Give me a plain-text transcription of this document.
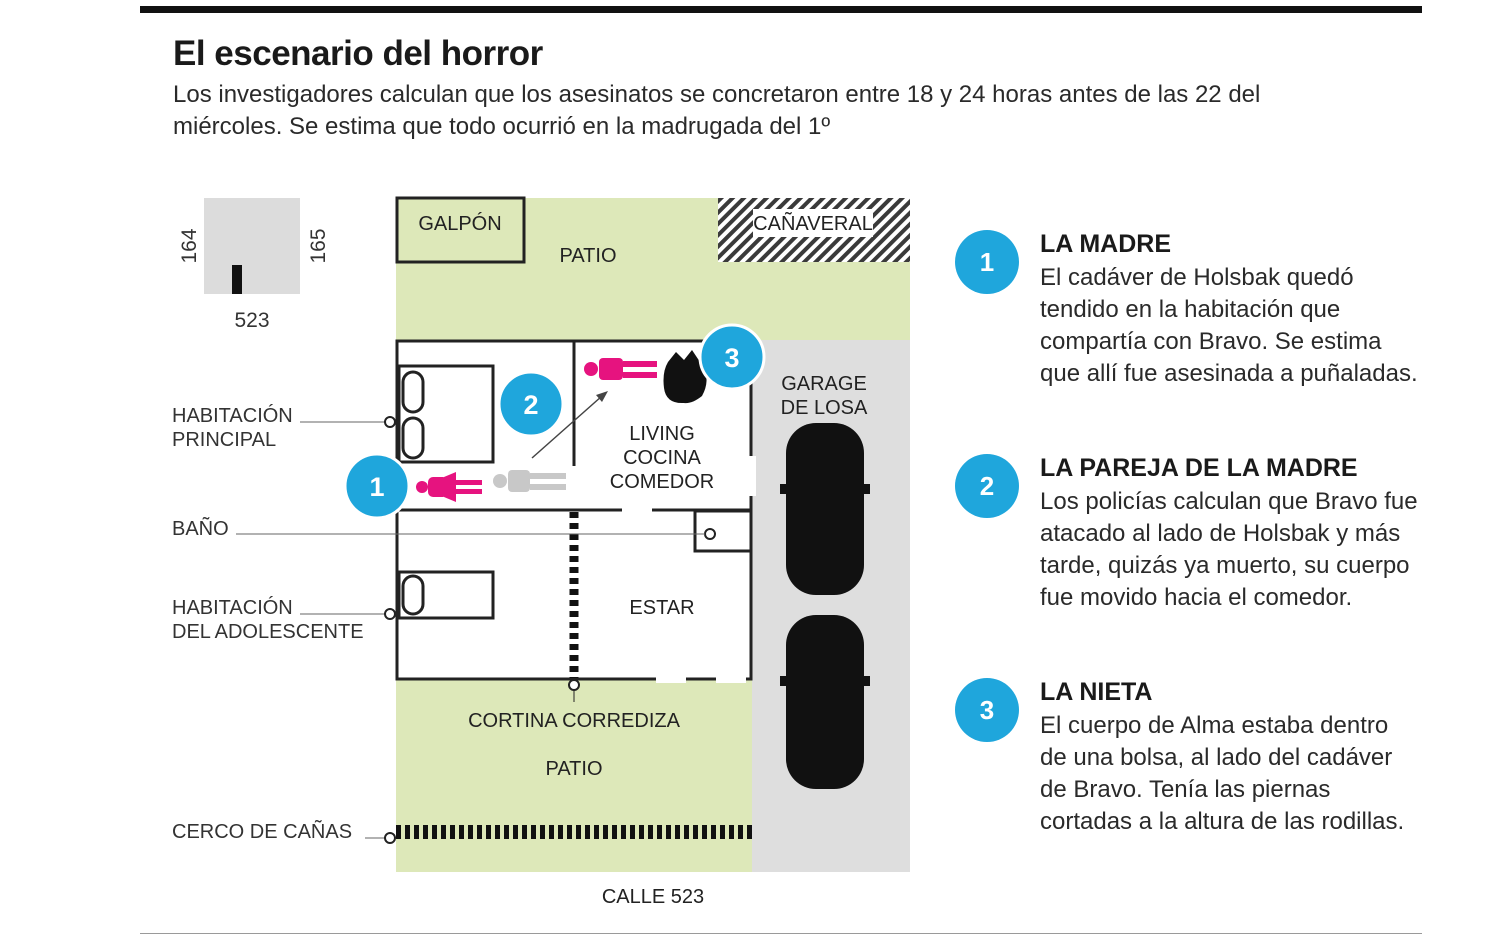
El escenario del horror

Los investigadores calculan que los asesinatos se concretaron entre 18 y 24 horas antes de las 22 del miércoles. Se estima que todo ocurrió en la madrugada del 1º

164	165
523
CAÑAVERAL
GALPÓN
PATIO
LIVING
COCINA
COMEDOR
ESTAR
GARAGE
DE LOSA
CORTINA CORREDIZA
PATIO
CALLE 523
HABITACIÓN
PRINCIPAL
BAÑO
HABITACIÓN
DEL ADOLESCENTE
CERCO DE CAÑAS
1
2
3
1
LA MADRE

El cadáver de Holsbak quedó tendido en la habitación que compartía con Bravo. Se estima que allí fue asesinada a puñaladas.

2
LA PAREJA DE LA MADRE

Los policías calculan que Bravo fue atacado al lado de Holsbak y más tarde, quizás ya muerto, su cuerpo fue movido hacia el comedor.

3
LA NIETA

El cuerpo de Alma estaba dentro de una bolsa, al lado del cadáver de Bravo. Tenía las piernas cortadas a la altura de las rodillas.
